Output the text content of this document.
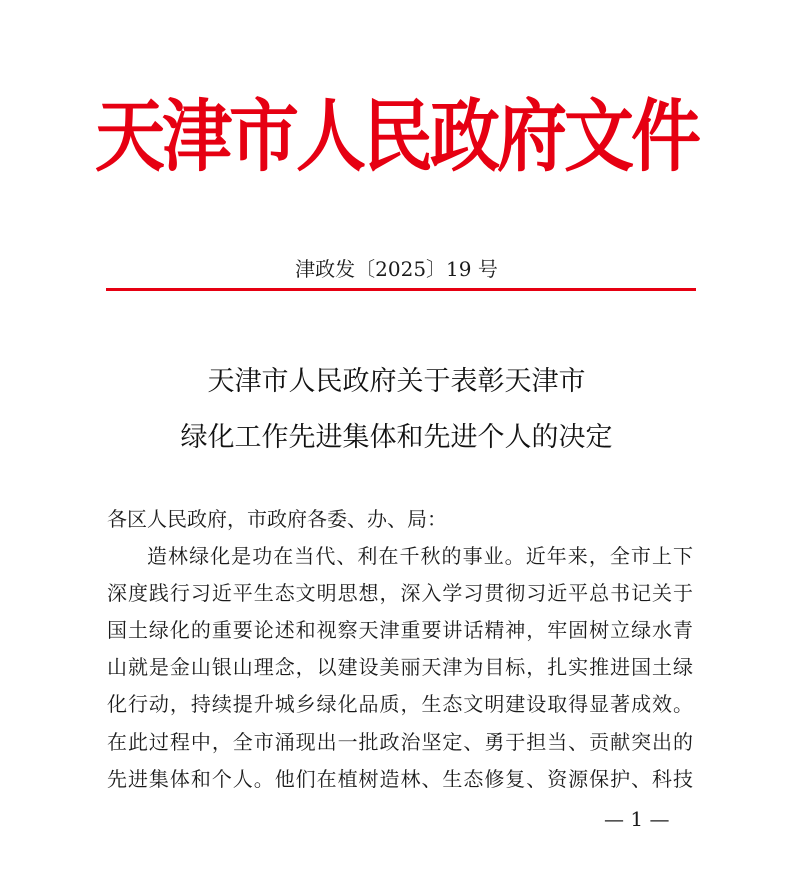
天津市人民政府文件
津政发〔2025〕19 号
天津市人民政府关于表彰天津市
绿化工作先进集体和先进个人的决定
各区人民政府，市政府各委、办、局：
造林绿化是功在当代、利在千秋的事业。近年来，全市上下
深度践行习近平生态文明思想，深入学习贯彻习近平总书记关于
国土绿化的重要论述和视察天津重要讲话精神，牢固树立绿水青
山就是金山银山理念，以建设美丽天津为目标，扎实推进国土绿
化行动，持续提升城乡绿化品质，生态文明建设取得显著成效。
在此过程中，全市涌现出一批政治坚定、勇于担当、贡献突出的
先进集体和个人。他们在植树造林、生态修复、资源保护、科技
— 1 —
